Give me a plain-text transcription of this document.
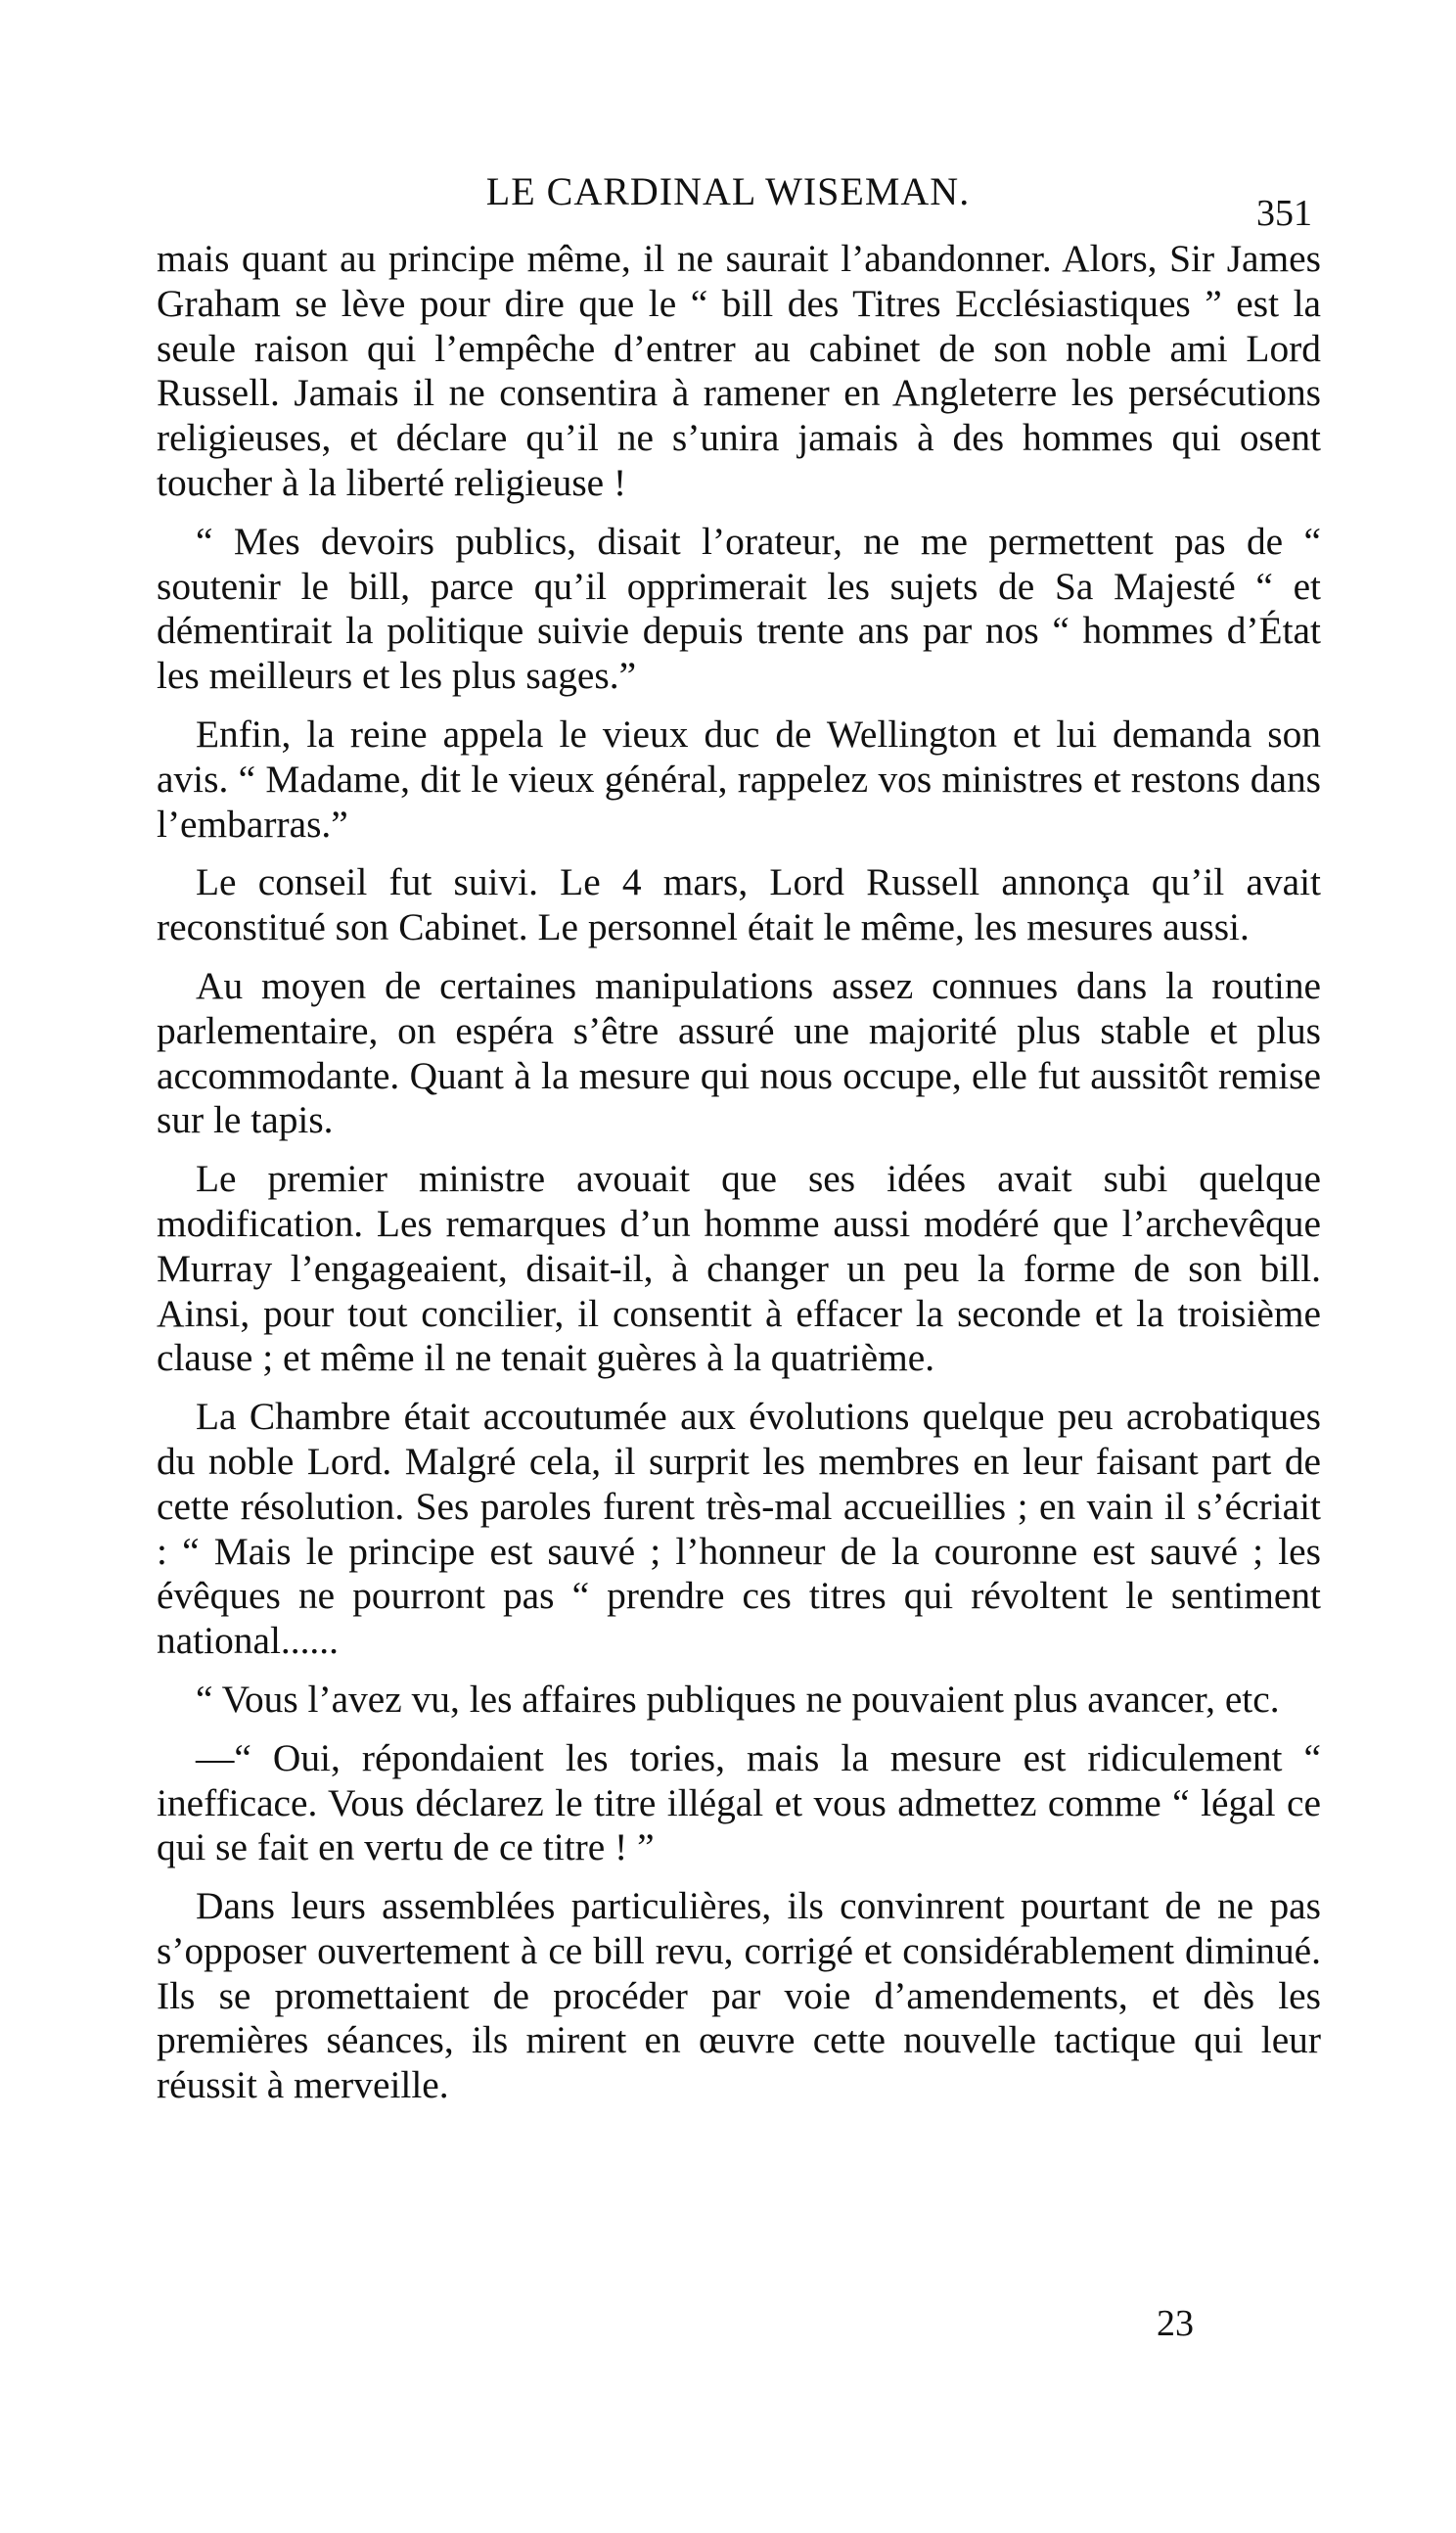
LE CARDINAL WISEMAN.	351

mais quant au principe même, il ne saurait l’abandonner. Alors, Sir James Graham se lève pour dire que le “ bill des Titres Ecclésiastiques ” est la seule raison qui l’empêche d’entrer au cabinet de son noble ami Lord Russell. Jamais il ne consentira à ramener en Angleterre les persécutions religieuses, et déclare qu’il ne s’unira jamais à des hommes qui osent toucher à la liberté religieuse !

“ Mes devoirs publics, disait l’orateur, ne me permettent pas de “ soutenir le bill, parce qu’il opprimerait les sujets de Sa Majesté “ et démentirait la politique suivie depuis trente ans par nos “ hommes d’État les meilleurs et les plus sages.”

Enfin, la reine appela le vieux duc de Wellington et lui demanda son avis. “ Madame, dit le vieux général, rappelez vos ministres et restons dans l’embarras.”

Le conseil fut suivi. Le 4 mars, Lord Russell annonça qu’il avait reconstitué son Cabinet. Le personnel était le même, les mesures aussi.

Au moyen de certaines manipulations assez connues dans la routine parlementaire, on espéra s’être assuré une majorité plus stable et plus accommodante. Quant à la mesure qui nous occupe, elle fut aussitôt remise sur le tapis.

Le premier ministre avouait que ses idées avait subi quelque modification. Les remarques d’un homme aussi modéré que l’archevêque Murray l’engageaient, disait-il, à changer un peu la forme de son bill. Ainsi, pour tout concilier, il consentit à effacer la seconde et la troisième clause ; et même il ne tenait guères à la quatrième.

La Chambre était accoutumée aux évolutions quelque peu acrobatiques du noble Lord. Malgré cela, il surprit les membres en leur faisant part de cette résolution. Ses paroles furent très-mal accueillies ; en vain il s’écriait : “ Mais le principe est sauvé ; l’honneur de la couronne est sauvé ; les évêques ne pourront pas “ prendre ces titres qui révoltent le sentiment national......

“ Vous l’avez vu, les affaires publiques ne pouvaient plus avancer, etc.

—“ Oui, répondaient les tories, mais la mesure est ridiculement “ inefficace. Vous déclarez le titre illégal et vous admettez comme “ légal ce qui se fait en vertu de ce titre ! ”

Dans leurs assemblées particulières, ils convinrent pourtant de ne pas s’opposer ouvertement à ce bill revu, corrigé et considérablement diminué. Ils se promettaient de procéder par voie d’amendements, et dès les premières séances, ils mirent en œuvre cette nouvelle tactique qui leur réussit à merveille.

23
